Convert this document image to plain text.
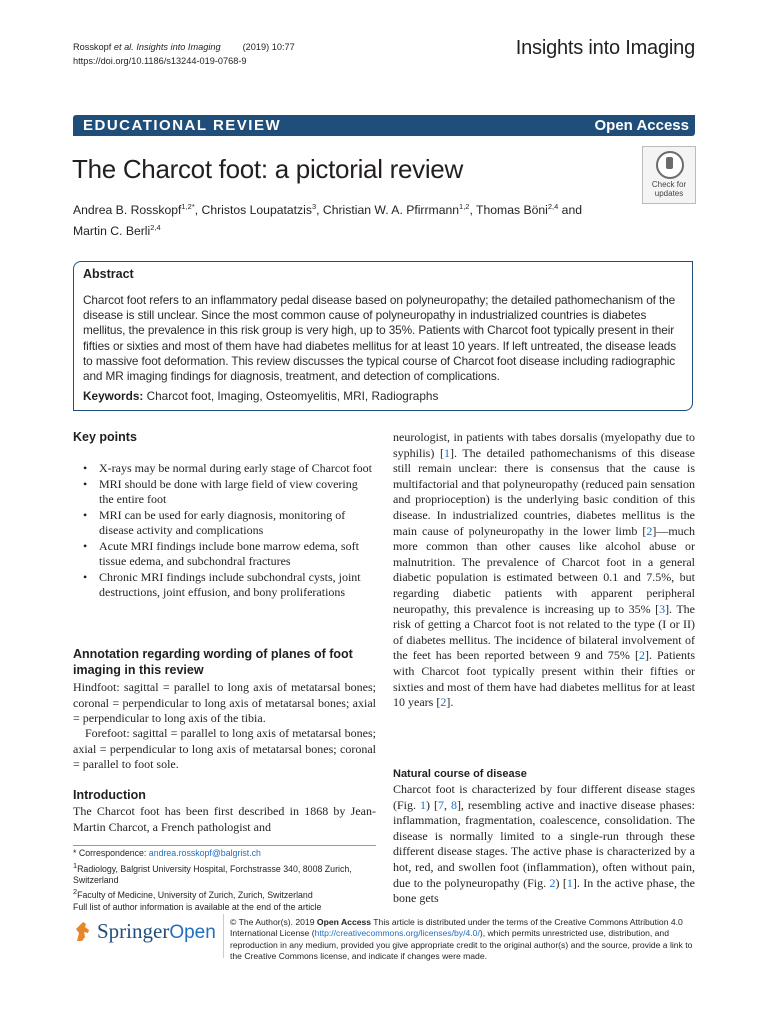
Rosskopf et al. Insights into Imaging (2019) 10:77
https://doi.org/10.1186/s13244-019-0768-9
Insights into Imaging
EDUCATIONAL REVIEW	Open Access
The Charcot foot: a pictorial review
Check for
updates
Andrea B. Rosskopf$^{1,2*}$, Christos Loupatatzis$^3$, Christian W. A. Pfirrmann$^{1,2}$, Thomas Böni$^{2,4}$ and
Martin C. Berli$^{2,4}$
Abstract
Charcot foot refers to an inflammatory pedal disease based on polyneuropathy; the detailed pathomechanism of the disease is still unclear. Since the most common cause of polyneuropathy in industrialized countries is diabetes mellitus, the prevalence in this risk group is very high, up to 35%. Patients with Charcot foot typically present in their fifties or sixties and most of them have had diabetes mellitus for at least 10 years. If left untreated, the disease leads to massive foot deformation. This review discusses the typical course of Charcot foot disease including radiographic and MR imaging findings for diagnosis, treatment, and detection of complications.
Keywords: Charcot foot, Imaging, Osteomyelitis, MRI, Radiographs
Key points
• X-rays may be normal during early stage of Charcot foot
• MRI should be done with large field of view covering the entire foot
• MRI can be used for early diagnosis, monitoring of disease activity and complications
• Acute MRI findings include bone marrow edema, soft tissue edema, and subchondral fractures
• Chronic MRI findings include subchondral cysts, joint destructions, joint effusion, and bony proliferations
Annotation regarding wording of planes of foot imaging in this review
Hindfoot: sagittal = parallel to long axis of metatarsal bones; coronal = perpendicular to long axis of metatarsal bones; axial = perpendicular to long axis of the tibia.
Forefoot: sagittal = parallel to long axis of metatarsal bones; axial = perpendicular to long axis of metatarsal bones; coronal = parallel to foot sole.
Introduction
The Charcot foot has been first described in 1868 by Jean-Martin Charcot, a French pathologist and
* Correspondence: andrea.rosskopf@balgrist.ch
$^1$Radiology, Balgrist University Hospital, Forchstrasse 340, 8008 Zurich, Switzerland
$^2$Faculty of Medicine, University of Zurich, Zurich, Switzerland
Full list of author information is available at the end of the article
neurologist, in patients with tabes dorsalis (myelopathy due to syphilis) [1]. The detailed pathomechanisms of this disease still remain unclear: there is consensus that the cause is multifactorial and that polyneuropathy (reduced pain sensation and proprioception) is the underlying basic condition of this disease. In industrialized countries, diabetes mellitus is the main cause of polyneuropathy in the lower limb [2]—much more common than other causes like alcohol abuse or malnutrition. The prevalence of Charcot foot in a general diabetic population is estimated between 0.1 and 7.5%, but regarding diabetic patients with apparent peripheral neuropathy, this prevalence is increasing up to 35% [3]. The risk of getting a Charcot foot is not related to the type (I or II) of diabetes mellitus. The incidence of bilateral involvement of the feet has been reported between 9 and 75% [2]. Patients with Charcot foot typically present within their fifties or sixties and most of them have had diabetes mellitus for at least 10 years [2].
Natural course of disease
Charcot foot is characterized by four different disease stages (Fig. 1) [7, 8], resembling active and inactive disease phases: inflammation, fragmentation, coalescence, consolidation. The disease is normally limited to a single-run through these different disease stages. The active phase is characterized by a hot, red, and swollen foot (inflammation), often without pain, due to the polyneuropathy (Fig. 2) [1]. In the active phase, the bone gets
SpringerOpen © The Author(s). 2019 Open Access This article is distributed under the terms of the Creative Commons Attribution 4.0 International License (http://creativecommons.org/licenses/by/4.0/), which permits unrestricted use, distribution, and reproduction in any medium, provided you give appropriate credit to the original author(s) and the source, provide a link to the Creative Commons license, and indicate if changes were made.
